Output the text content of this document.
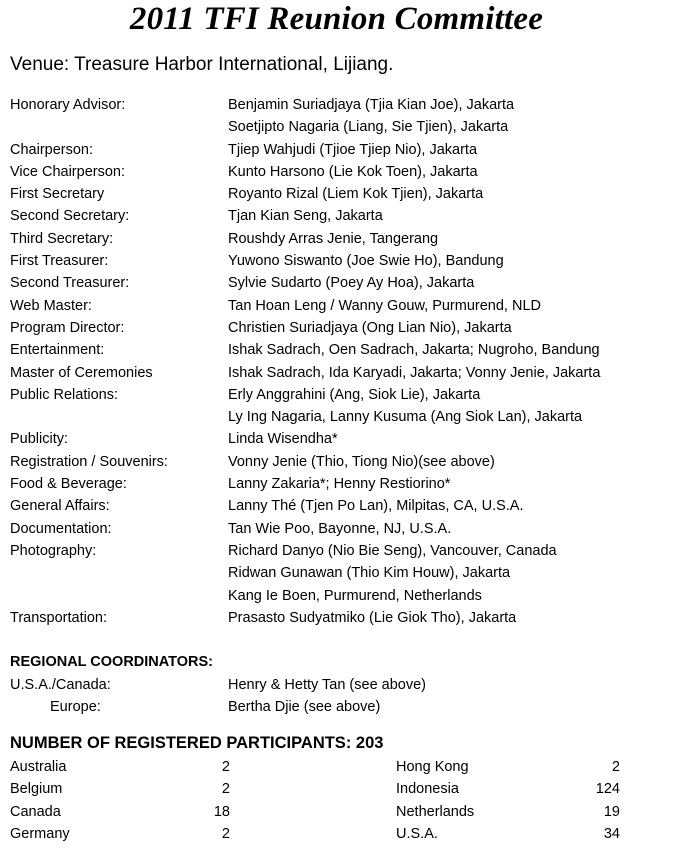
2011 TFI Reunion Committee
Venue: Treasure Harbor International, Lijiang.
Honorary Advisor:	Benjamin Suriadjaya (Tjia Kian Joe), Jakarta
Soetjipto Nagaria (Liang, Sie Tjien), Jakarta
Chairperson:	Tjiep Wahjudi (Tjioe Tjiep Nio), Jakarta
Vice Chairperson:	Kunto Harsono (Lie Kok Toen), Jakarta
First Secretary	Royanto Rizal (Liem Kok Tjien), Jakarta
Second Secretary:	Tjan Kian Seng, Jakarta
Third Secretary:	Roushdy Arras Jenie, Tangerang
First Treasurer:	Yuwono Siswanto (Joe Swie Ho), Bandung
Second Treasurer:	Sylvie Sudarto (Poey Ay Hoa), Jakarta
Web Master:	Tan Hoan Leng / Wanny Gouw, Purmurend, NLD
Program Director:	Christien Suriadjaya (Ong Lian Nio), Jakarta
Entertainment:	Ishak Sadrach, Oen Sadrach, Jakarta; Nugroho, Bandung
Master of Ceremonies	Ishak Sadrach, Ida Karyadi, Jakarta; Vonny Jenie, Jakarta
Public Relations:	Erly Anggrahini (Ang, Siok Lie), Jakarta
Ly Ing Nagaria, Lanny Kusuma (Ang Siok Lan), Jakarta
Publicity:	Linda Wisendha*
Registration / Souvenirs:	Vonny Jenie (Thio, Tiong Nio)(see above)
Food & Beverage:	Lanny Zakaria*; Henny Restiorino*
General Affairs:	Lanny Thé (Tjen Po Lan), Milpitas, CA, U.S.A.
Documentation:	Tan Wie Poo, Bayonne, NJ, U.S.A.
Photography:	Richard Danyo (Nio Bie Seng), Vancouver, Canada
Ridwan Gunawan (Thio Kim Houw), Jakarta
Kang Ie Boen, Purmurend, Netherlands
Transportation:	Prasasto Sudyatmiko (Lie Giok Tho), Jakarta
REGIONAL COORDINATORS:
U.S.A./Canada:	Henry & Hetty Tan (see above)
Europe:	Bertha Djie (see above)
NUMBER OF REGISTERED PARTICIPANTS: 203
Australia	2	Hong Kong	2
Belgium	2	Indonesia	124
Canada	18	Netherlands	19
Germany	2	U.S.A.	34
